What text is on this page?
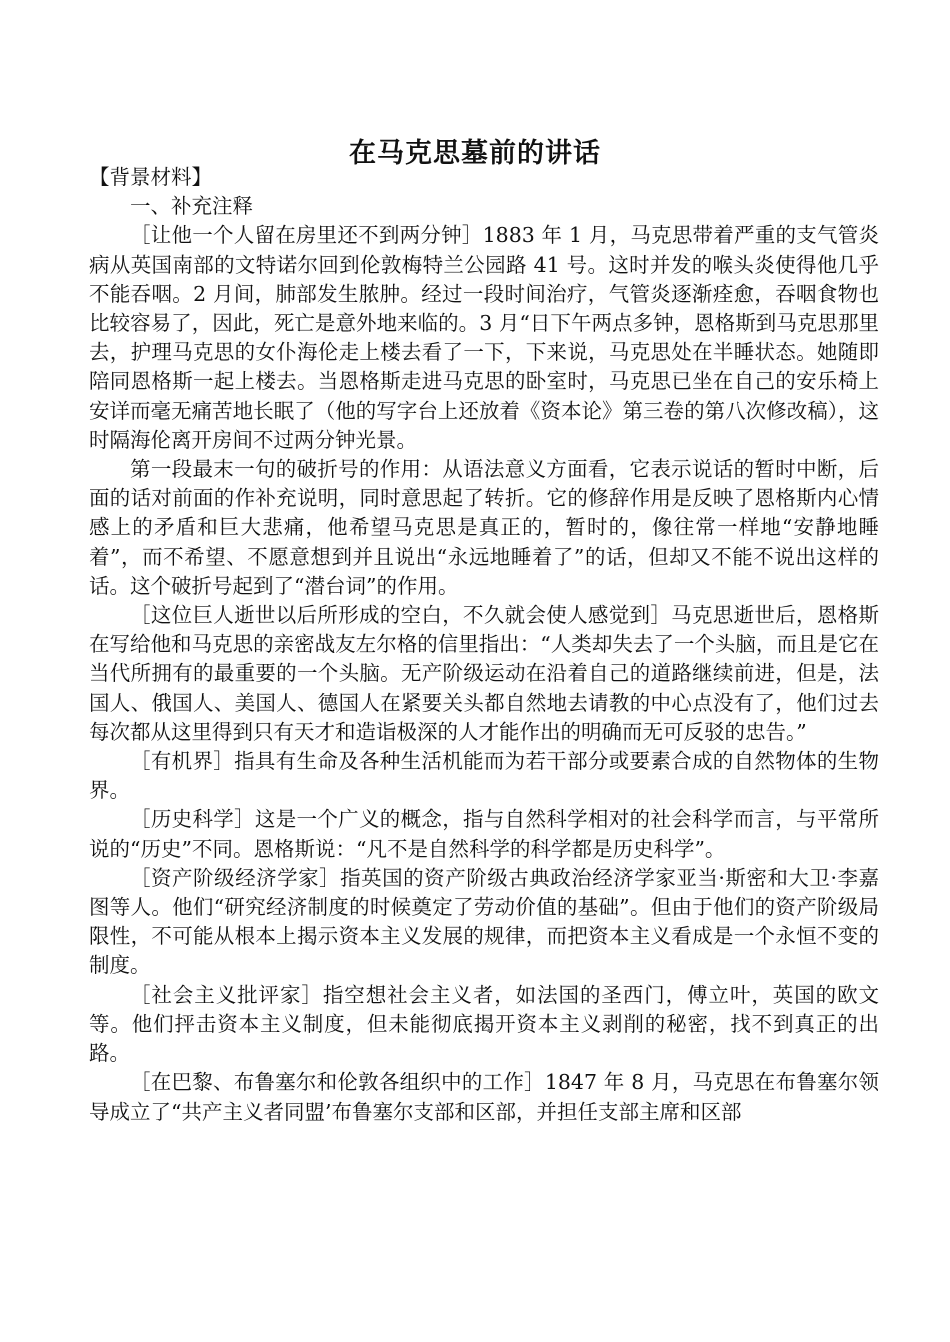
在马克思墓前的讲话

【背景材料】

一、补充注释

［让他一个人留在房里还不到两分钟］1883 年 1 月，马克思带着严重的支气管炎病从英国南部的文特诺尔回到伦敦梅特兰公园路 41 号。这时并发的喉头炎使得他几乎不能吞咽。2 月间，肺部发生脓肿。经过一段时间治疗，气管炎逐渐痊愈，吞咽食物也比较容易了，因此，死亡是意外地来临的。3 月“日下午两点多钟，恩格斯到马克思那里去，护理马克思的女仆海伦走上楼去看了一下，下来说，马克思处在半睡状态。她随即陪同恩格斯一起上楼去。当恩格斯走进马克思的卧室时，马克思已坐在自己的安乐椅上安详而毫无痛苦地长眠了（他的写字台上还放着《资本论》第三卷的第八次修改稿），这时隔海伦离开房间不过两分钟光景。

第一段最末一句的破折号的作用：从语法意义方面看，它表示说话的暂时中断，后面的话对前面的作补充说明，同时意思起了转折。它的修辞作用是反映了恩格斯内心情感上的矛盾和巨大悲痛，他希望马克思是真正的，暂时的，像往常一样地“安静地睡着”，而不希望、不愿意想到并且说出“永远地睡着了”的话，但却又不能不说出这样的话。这个破折号起到了“潜台词”的作用。

［这位巨人逝世以后所形成的空白，不久就会使人感觉到］马克思逝世后，恩格斯在写给他和马克思的亲密战友左尔格的信里指出：“人类却失去了一个头脑，而且是它在当代所拥有的最重要的一个头脑。无产阶级运动在沿着自己的道路继续前进，但是，法国人、俄国人、美国人、德国人在紧要关头都自然地去请教的中心点没有了，他们过去每次都从这里得到只有天才和造诣极深的人才能作出的明确而无可反驳的忠告。”

［有机界］指具有生命及各种生活机能而为若干部分或要素合成的自然物体的生物界。

［历史科学］这是一个广义的概念，指与自然科学相对的社会科学而言，与平常所说的“历史”不同。恩格斯说：“凡不是自然科学的科学都是历史科学”。

［资产阶级经济学家］指英国的资产阶级古典政治经济学家亚当·斯密和大卫·李嘉图等人。他们“研究经济制度的时候奠定了劳动价值的基础”。但由于他们的资产阶级局限性，不可能从根本上揭示资本主义发展的规律，而把资本主义看成是一个永恒不变的制度。

［社会主义批评家］指空想社会主义者，如法国的圣西门，傅立叶，英国的欧文等。他们抨击资本主义制度，但未能彻底揭开资本主义剥削的秘密，找不到真正的出路。

［在巴黎、布鲁塞尔和伦敦各组织中的工作］1847 年 8 月，马克思在布鲁塞尔领导成立了“共产主义者同盟’布鲁塞尔支部和区部，并担任支部主席和区部
